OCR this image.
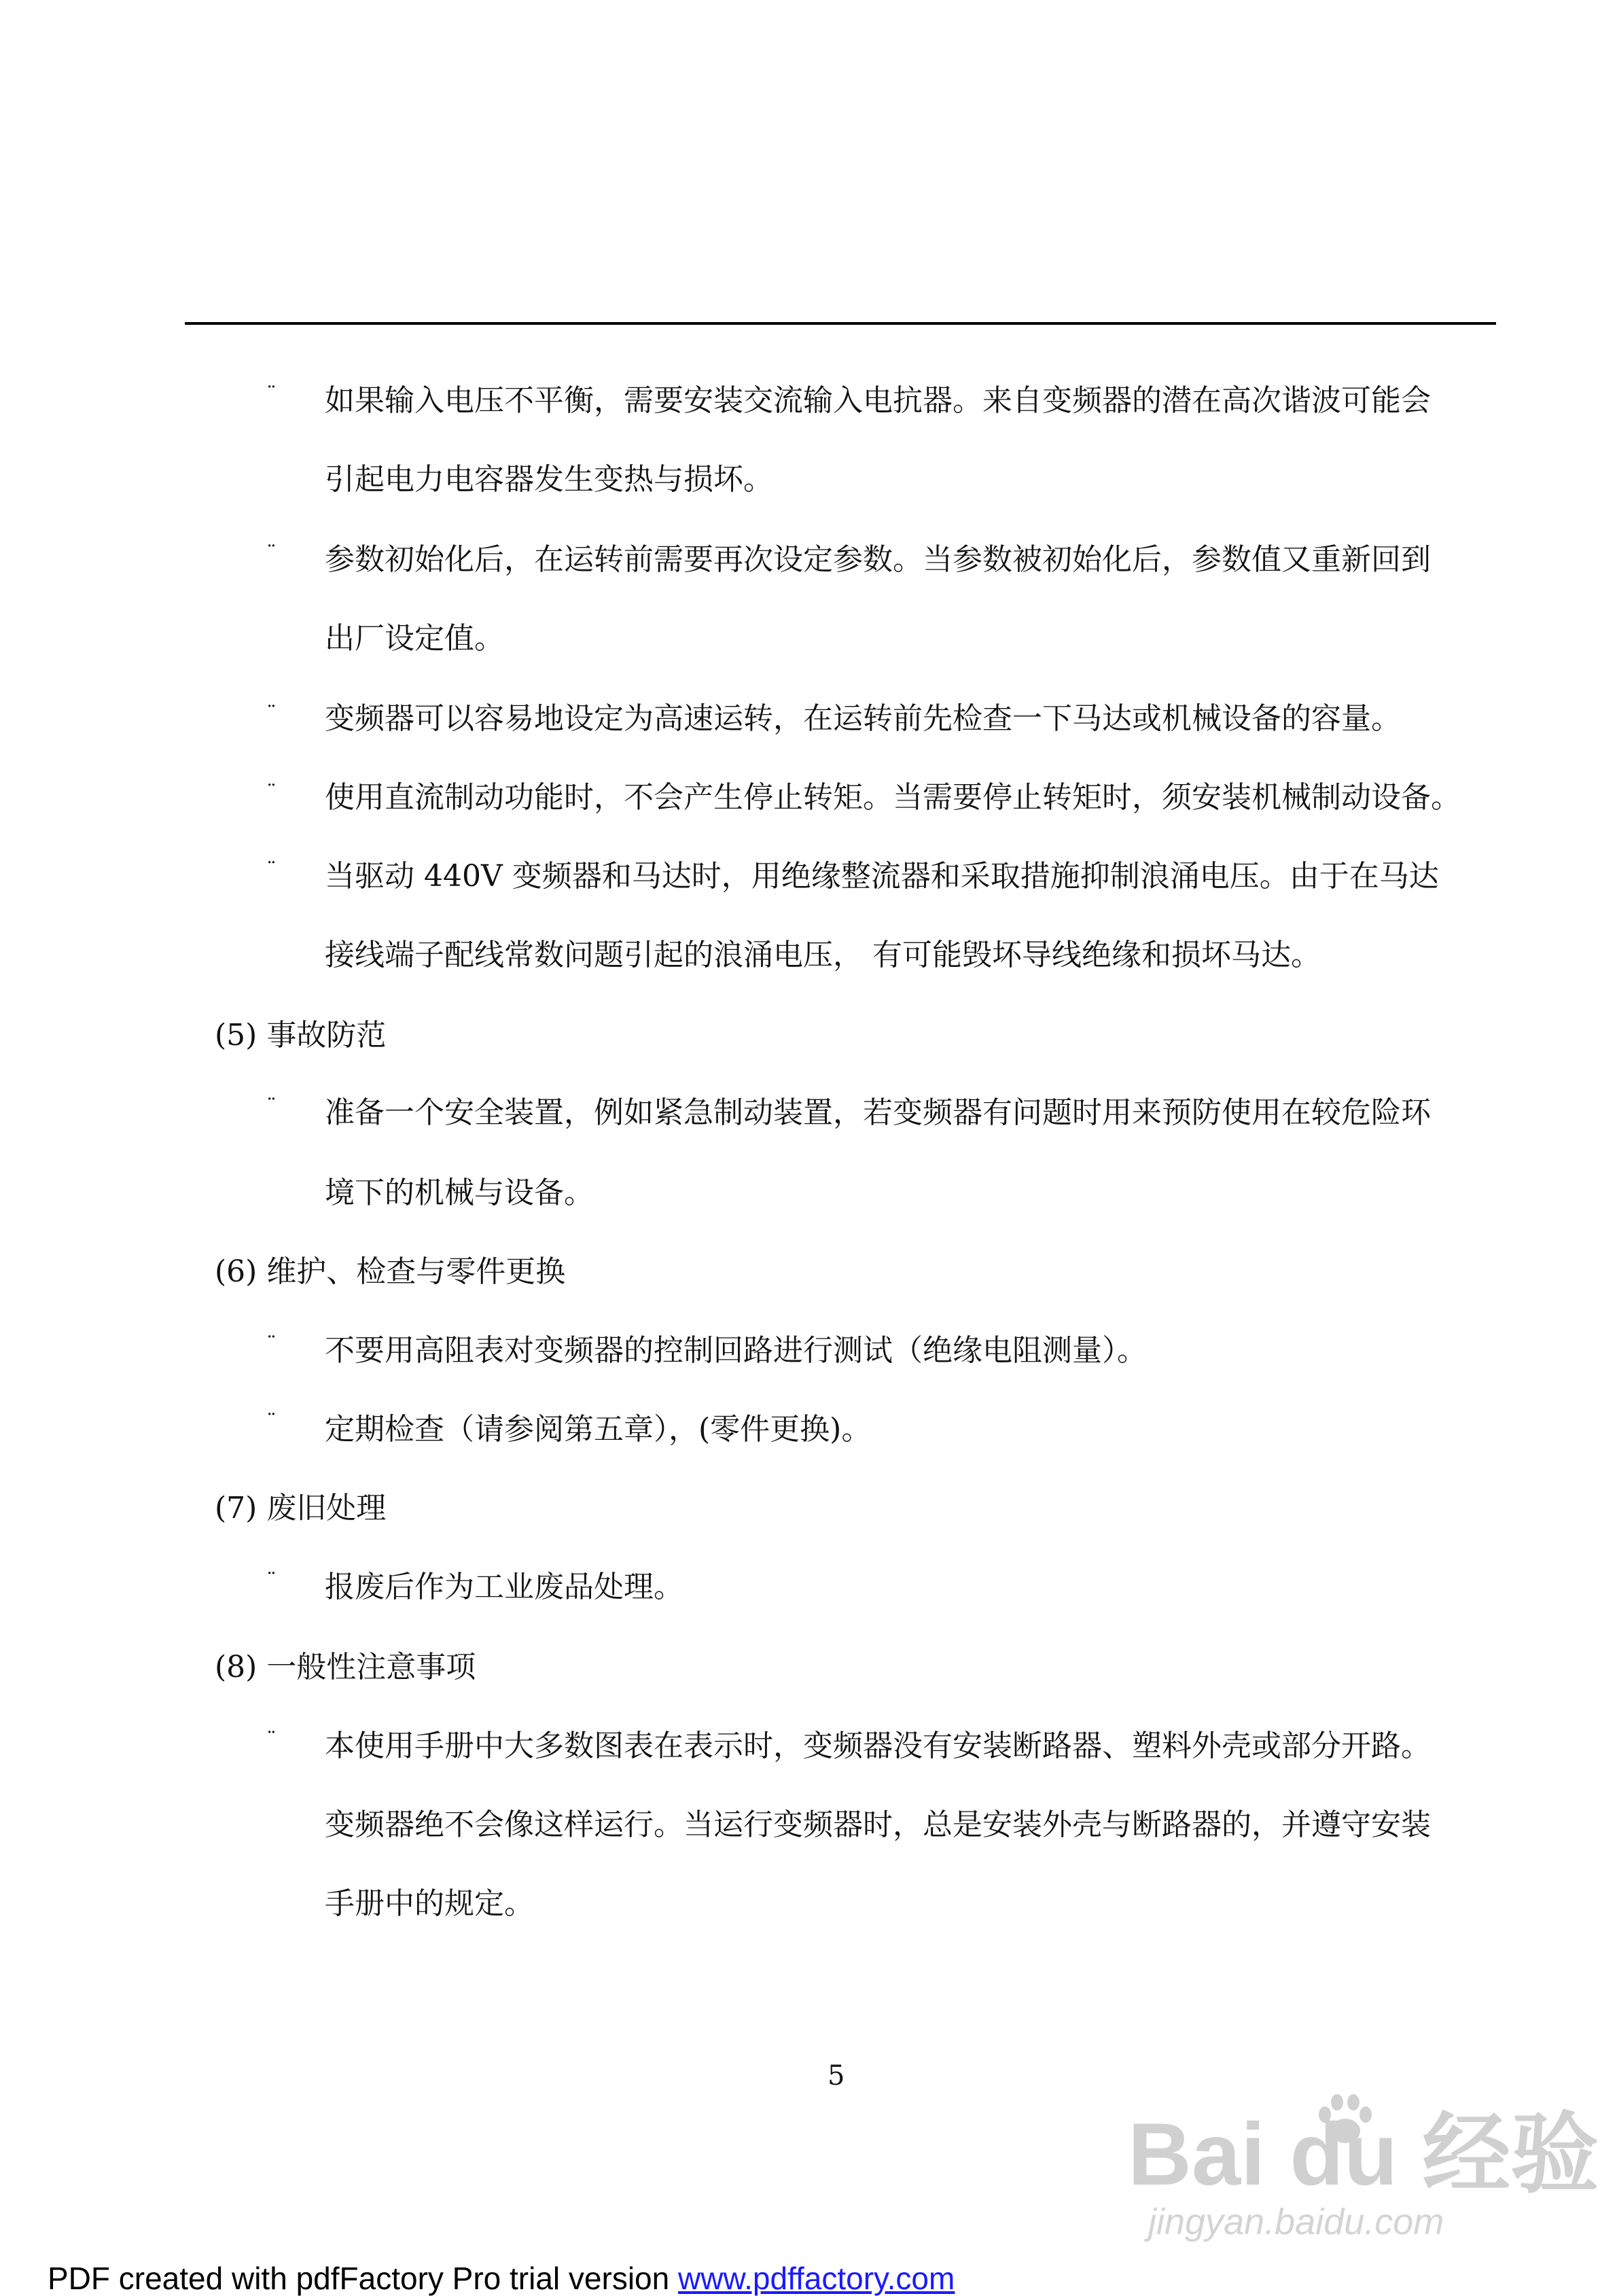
¨
¨
¨
¨
¨
¨
¨
¨
¨
¨
如果输入电压不平衡，需要安装交流输入电抗器。来自变频器的潜在高次谐波可能会
引起电力电容器发生变热与损坏。
参数初始化后，在运转前需要再次设定参数。当参数被初始化后，参数值又重新回到
出厂设定值。
变频器可以容易地设定为高速运转，在运转前先检查一下马达或机械设备的容量。
使用直流制动功能时，不会产生停止转矩。当需要停止转矩时，须安装机械制动设备。
当驱动 440V 变频器和马达时，用绝缘整流器和采取措施抑制浪涌电压。由于在马达
接线端子配线常数问题引起的浪涌电压， 有可能毁坏导线绝缘和损坏马达。
(5) 事故防范
准备一个安全装置，例如紧急制动装置，若变频器有问题时用来预防使用在较危险环
境下的机械与设备。
(6) 维护、检查与零件更换
不要用高阻表对变频器的控制回路进行测试（绝缘电阻测量）。
定期检查（请参阅第五章），(零件更换)。
(7) 废旧处理
报废后作为工业废品处理。
(8) 一般性注意事项
本使用手册中大多数图表在表示时，变频器没有安装断路器、塑料外壳或部分开路。
变频器绝不会像这样运行。当运行变频器时，总是安装外壳与断路器的，并遵守安装
手册中的规定。
5
Bai du 经验
jingyan.baidu.com
PDF created with pdfFactory Pro trial version www.pdffactory.com
